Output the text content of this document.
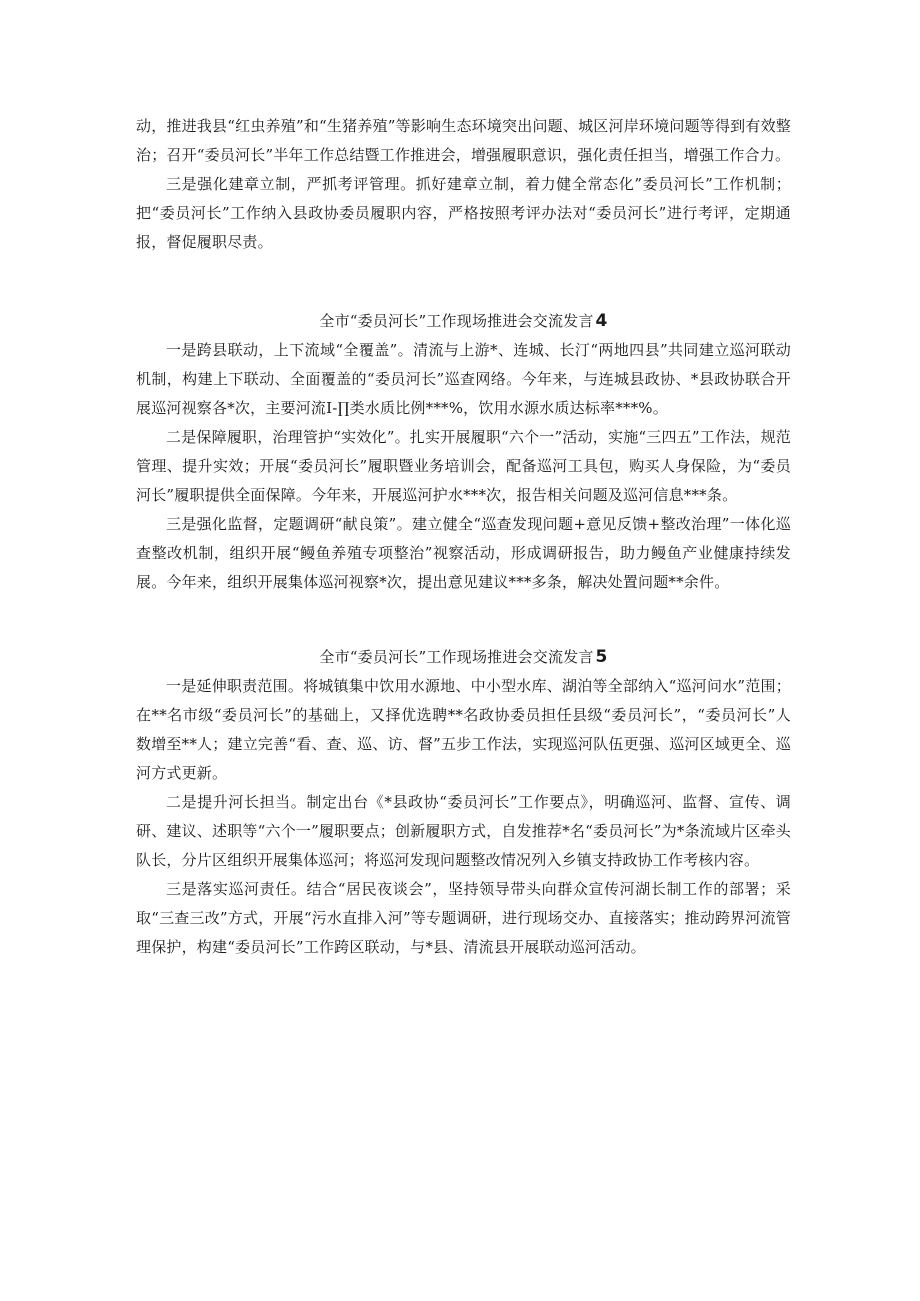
动，推进我县“红虫养殖”和“生猪养殖”等影响生态环境突出问题、城区河岸环境问题等得到有效整治；召开“委员河长”半年工作总结暨工作推进会，增强履职意识，强化责任担当，增强工作合力。

三是强化建章立制，严抓考评管理。抓好建章立制，着力健全常态化”委员河长”工作机制；把“委员河长”工作纳入县政协委员履职内容，严格按照考评办法对“委员河长”进行考评，定期通报，督促履职尽责。

全市“委员河长”工作现场推进会交流发言 4

一是跨县联动，上下流域“全覆盖”。清流与上游*、连城、长汀“两地四县”共同建立巡河联动机制，构建上下联动、全面覆盖的“委员河长”巡查网络。今年来，与连城县政协、*县政协联合开展巡河视察各*次，主要河流Ⅰ-∏类水质比例***%，饮用水源水质达标率***%。

二是保障履职，治理管护“实效化”。扎实开展履职“六个一”活动，实施“三四五”工作法，规范管理、提升实效；开展“委员河长”履职暨业务培训会，配备巡河工具包，购买人身保险，为“委员河长”履职提供全面保障。今年来，开展巡河护水***次，报告相关问题及巡河信息***条。

三是强化监督，定题调研“献良策”。建立健全“巡查发现问题+意见反馈+整改治理”一体化巡查整改机制，组织开展“鳗鱼养殖专项整治”视察活动，形成调研报告，助力鳗鱼产业健康持续发展。今年来，组织开展集体巡河视察*次，提出意见建议***多条，解决处置问题**余件。

全市“委员河长”工作现场推进会交流发言 5

一是延伸职责范围。将城镇集中饮用水源地、中小型水库、湖泊等全部纳入“巡河问水”范围；在**名市级“委员河长”的基础上，又择优选聘**名政协委员担任县级“委员河长”，“委员河长”人数增至**人；建立完善“看、查、巡、访、督”五步工作法，实现巡河队伍更强、巡河区域更全、巡河方式更新。

二是提升河长担当。制定出台《*县政协“委员河长”工作要点》，明确巡河、监督、宣传、调研、建议、述职等“六个一”履职要点；创新履职方式，自发推荐*名“委员河长”为*条流域片区牵头队长，分片区组织开展集体巡河；将巡河发现问题整改情况列入乡镇支持政协工作考核内容。

三是落实巡河责任。结合“居民夜谈会”，坚持领导带头向群众宣传河湖长制工作的部署；采取“三查三改”方式，开展“污水直排入河”等专题调研，进行现场交办、直接落实；推动跨界河流管理保护，构建“委员河长”工作跨区联动，与*县、清流县开展联动巡河活动。
